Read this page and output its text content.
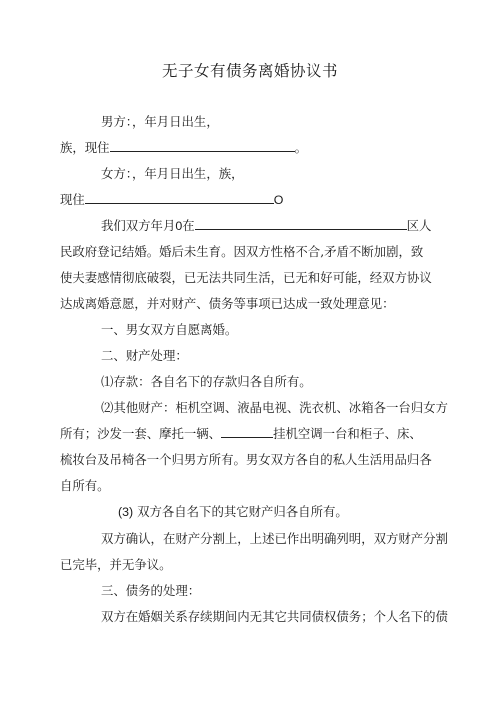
无子女有债务离婚协议书
男方：，年月日出生，
族，现住	。
女方：，年月日出生，族，
现住	O
我们双方年月0在	区人
民政府登记结婚。婚后未生育。因双方性格不合,矛盾不断加剧，致
使夫妻感情彻底破裂，已无法共同生活，已无和好可能，经双方协议
达成离婚意愿，并对财产、债务等事项已达成一致处理意见：
一、男女双方自愿离婚。
二、财产处理：
⑴存款：各自名下的存款归各自所有。
⑵其他财产：柜机空调、液晶电视、洗衣机、冰箱各一台归女方
所有；沙发一套、摩托一辆、	挂机空调一台和柜子、床、
梳妆台及吊椅各一个归男方所有。男女双方各自的私人生活用品归各
自所有。
(3) 双方各自名下的其它财产归各自所有。
双方确认，在财产分割上，上述已作出明确列明，双方财产分割
已完毕，并无争议。
三、债务的处理：
双方在婚姻关系存续期间内无其它共同债权债务；个人名下的债
